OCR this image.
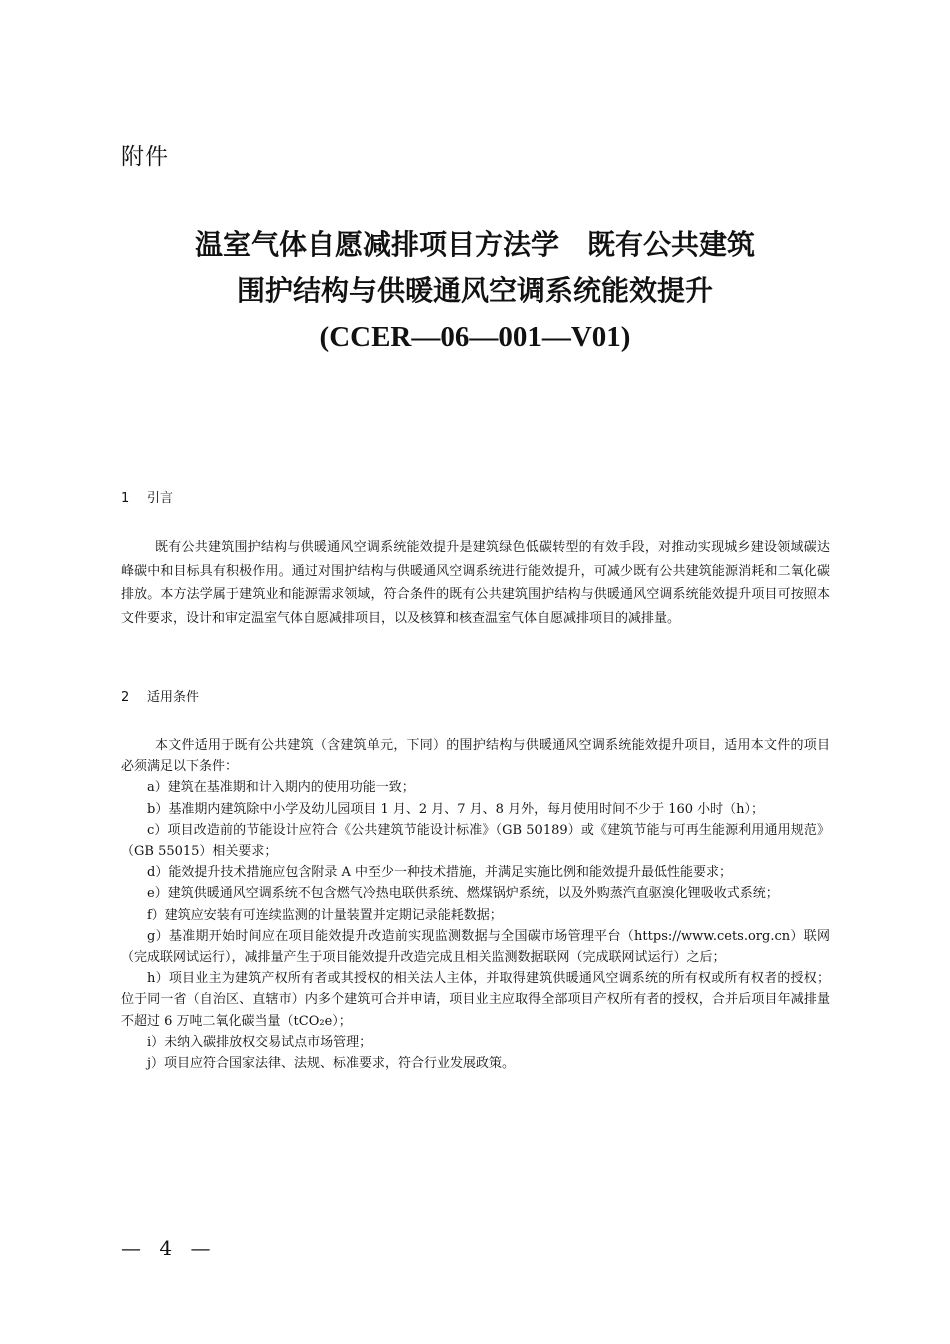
附件
温室气体自愿减排项目方法学　既有公共建筑
围护结构与供暖通风空调系统能效提升
(CCER—06—001—V01)
1 引言

既有公共建筑围护结构与供暖通风空调系统能效提升是建筑绿色低碳转型的有效手段，对推动实现城乡建设领域碳达峰碳中和目标具有积极作用。通过对围护结构与供暖通风空调系统进行能效提升，可减少既有公共建筑能源消耗和二氧化碳排放。本方法学属于建筑业和能源需求领域，符合条件的既有公共建筑围护结构与供暖通风空调系统能效提升项目可按照本文件要求，设计和审定温室气体自愿减排项目，以及核算和核查温室气体自愿减排项目的减排量。

2 适用条件

本文件适用于既有公共建筑（含建筑单元，下同）的围护结构与供暖通风空调系统能效提升项目，适用本文件的项目必须满足以下条件：

a）建筑在基准期和计入期内的使用功能一致；

b）基准期内建筑除中小学及幼儿园项目 1 月、2 月、7 月、8 月外，每月使用时间不少于 160 小时（h）；

c）项目改造前的节能设计应符合《公共建筑节能设计标准》（GB 50189）或《建筑节能与可再生能源利用通用规范》（GB 55015）相关要求；

d）能效提升技术措施应包含附录 A 中至少一种技术措施，并满足实施比例和能效提升最低性能要求；

e）建筑供暖通风空调系统不包含燃气冷热电联供系统、燃煤锅炉系统，以及外购蒸汽直驱溴化锂吸收式系统；

f）建筑应安装有可连续监测的计量装置并定期记录能耗数据；

g）基准期开始时间应在项目能效提升改造前实现监测数据与全国碳市场管理平台（https://www.cets.org.cn）联网（完成联网试运行），减排量产生于项目能效提升改造完成且相关监测数据联网（完成联网试运行）之后；

h）项目业主为建筑产权所有者或其授权的相关法人主体，并取得建筑供暖通风空调系统的所有权或所有权者的授权；位于同一省（自治区、直辖市）内多个建筑可合并申请，项目业主应取得全部项目产权所有者的授权，合并后项目年减排量不超过 6 万吨二氧化碳当量（tCO₂e）；

i）未纳入碳排放权交易试点市场管理；

j）项目应符合国家法律、法规、标准要求，符合行业发展政策。

— 4 —
